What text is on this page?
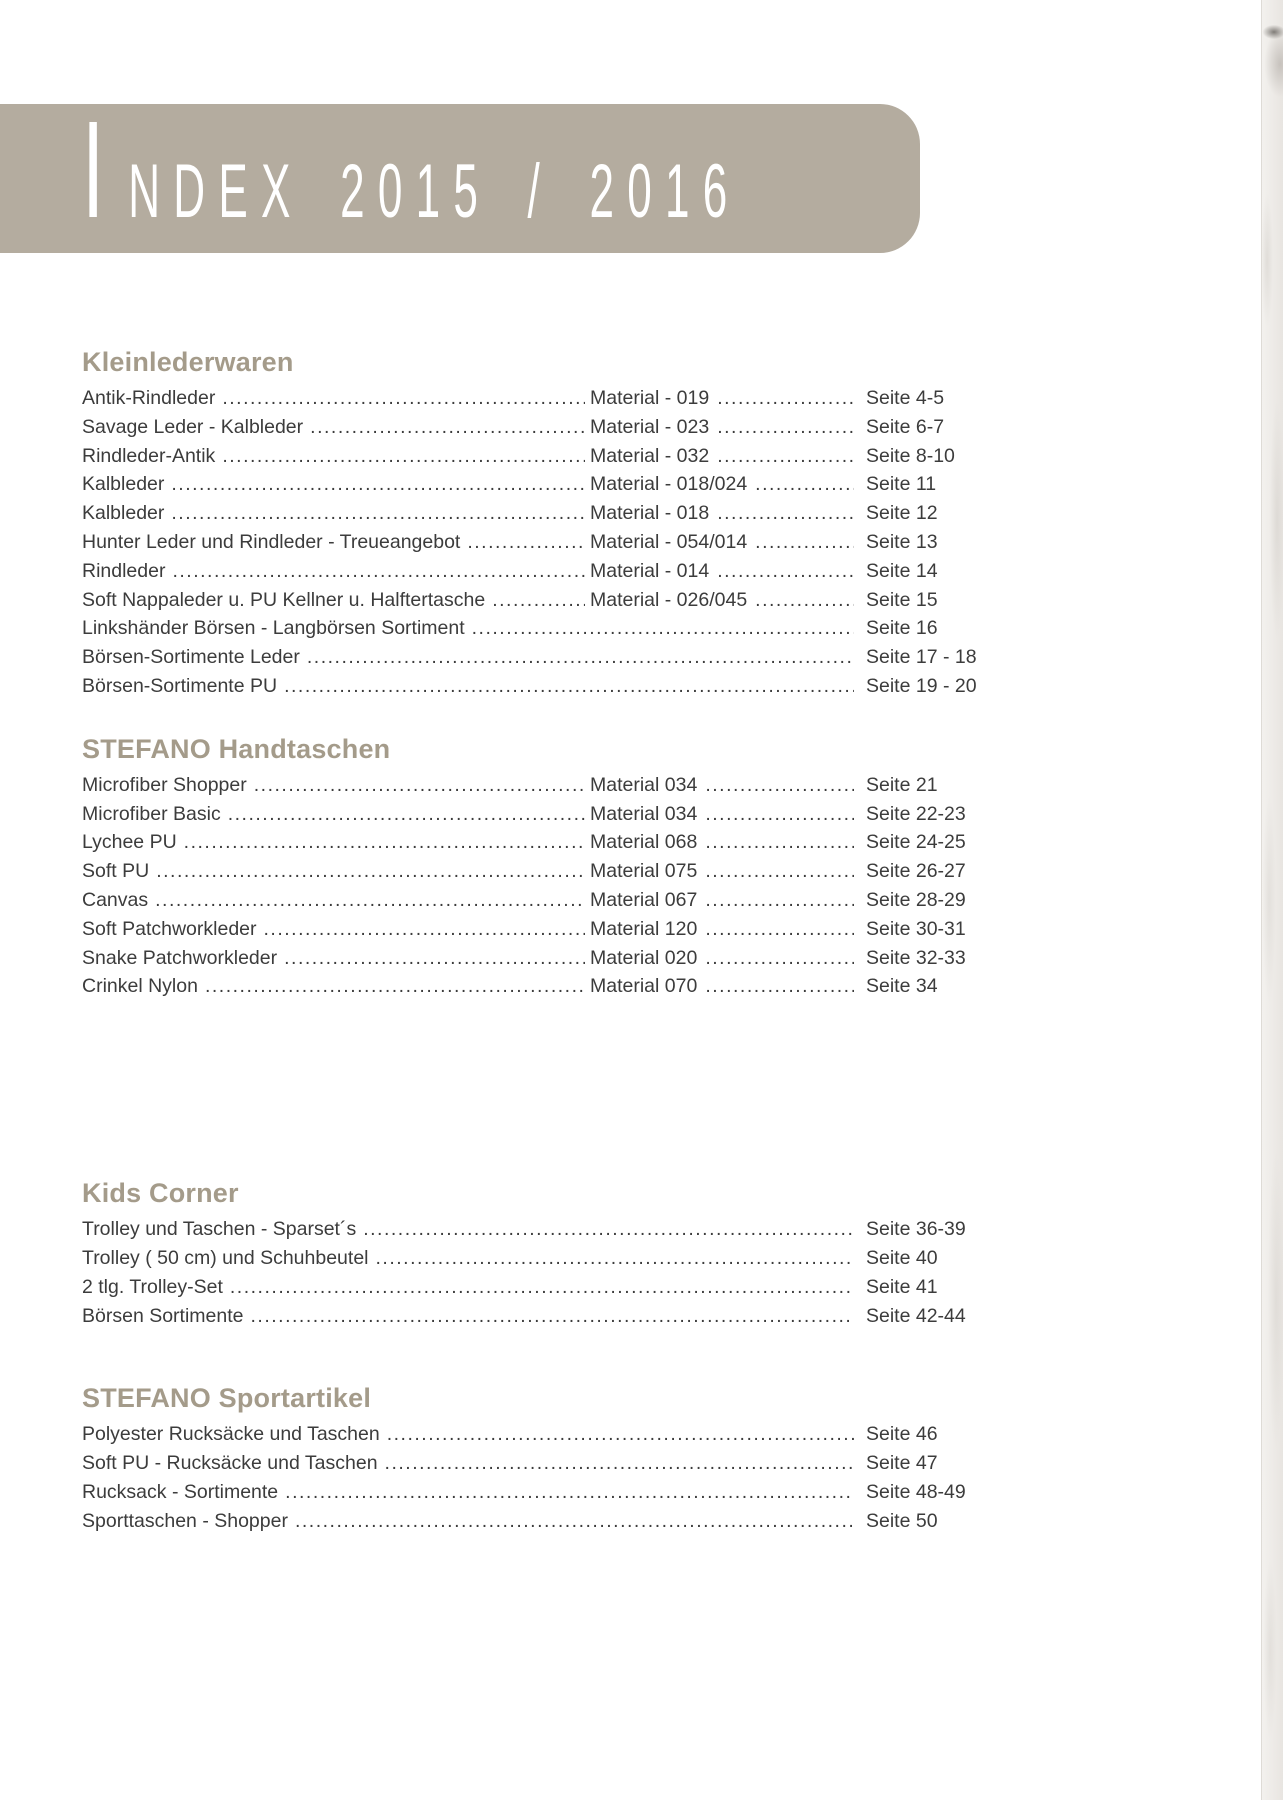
INDEX 2015 / 2016
Kleinlederwaren
Antik-Rindleder .....	Material - 019 .....	Seite 4-5
Savage Leder - Kalbleder .....	Material - 023 .....	Seite 6-7
Rindleder-Antik .....	Material - 032 .....	Seite 8-10
Kalbleder .....	Material - 018/024 .....	Seite 11
Kalbleder .....	Material - 018 .....	Seite 12
Hunter Leder und Rindleder - Treueangebot .....	Material - 054/014 .....	Seite 13
Rindleder .....	Material - 014 .....	Seite 14
Soft Nappaleder u. PU Kellner u. Halftertasche .....	Material - 026/045 .....	Seite 15
Linkshänder Börsen - Langbörsen Sortiment .....	Seite 16
Börsen-Sortimente Leder .....	Seite 17 - 18
Börsen-Sortimente PU .....	Seite 19 - 20
STEFANO Handtaschen
Microfiber Shopper .....	Material 034 .....	Seite 21
Microfiber Basic .....	Material 034 .....	Seite 22-23
Lychee PU .....	Material 068 .....	Seite 24-25
Soft PU .....	Material 075 .....	Seite 26-27
Canvas .....	Material 067 .....	Seite 28-29
Soft Patchworkleder .....	Material 120 .....	Seite 30-31
Snake Patchworkleder .....	Material 020 .....	Seite 32-33
Crinkel Nylon .....	Material 070 .....	Seite 34
Kids Corner
Trolley und Taschen - Sparset´s .....	Seite 36-39
Trolley ( 50 cm) und Schuhbeutel .....	Seite 40
2 tlg. Trolley-Set .....	Seite 41
Börsen Sortimente .....	Seite 42-44
STEFANO Sportartikel
Polyester Rucksäcke und Taschen .....	Seite 46
Soft PU - Rucksäcke und Taschen .....	Seite 47
Rucksack - Sortimente .....	Seite 48-49
Sporttaschen - Shopper .....	Seite 50
